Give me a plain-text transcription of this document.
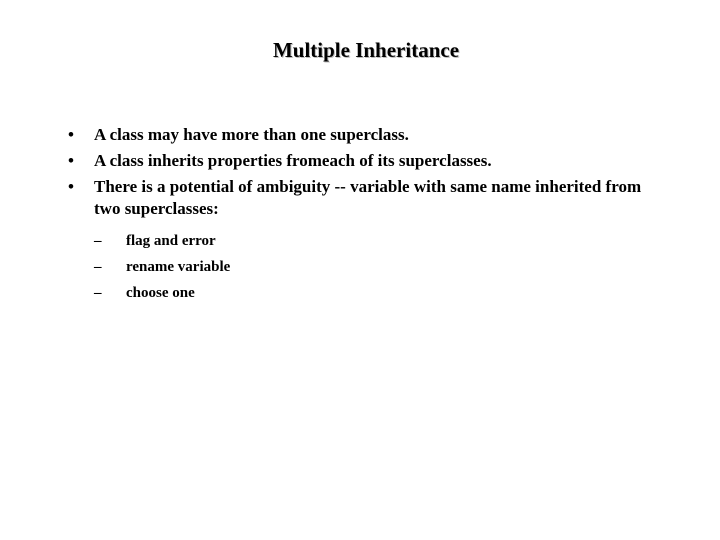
Multiple Inheritance
•	A class may have more than one superclass.
•	A class inherits properties fromeach of its superclasses.
•	There is a potential of ambiguity -- variable with same name inherited from two superclasses:
–	flag and error
–	rename variable
–	choose one
